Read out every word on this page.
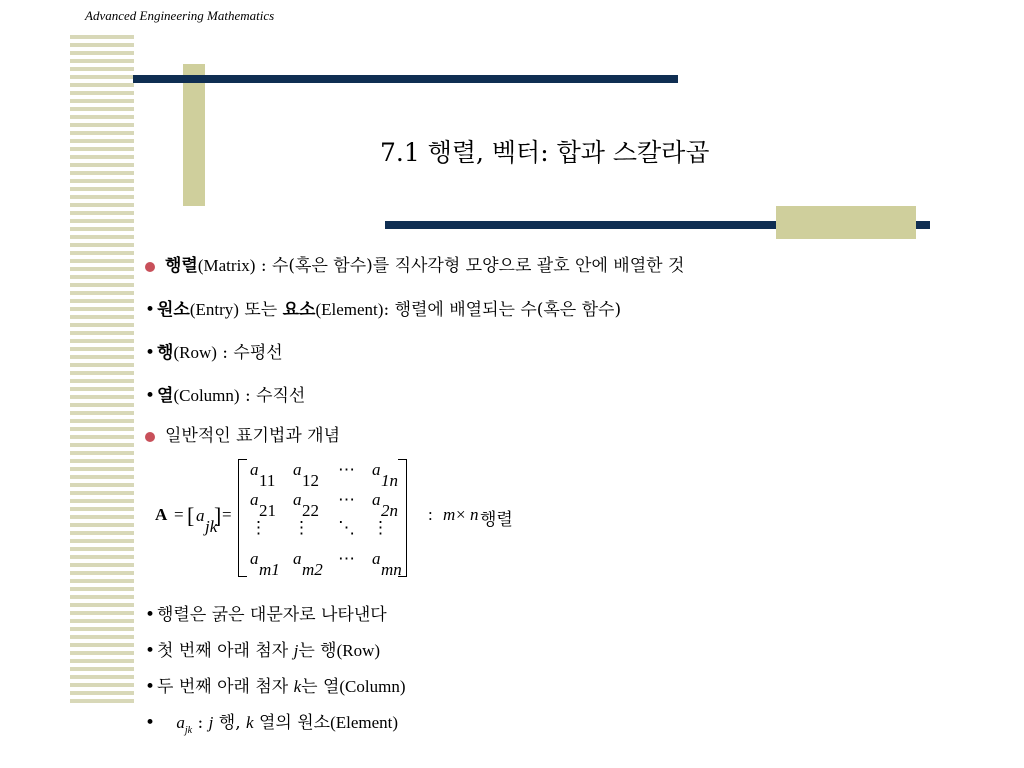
Advanced Engineering Mathematics
7.1 행렬, 벡터: 합과 스칼라곱
행렬(Matrix) : 수(혹은 함수)를 직사각형 모양으로 괄호 안에 배열한 것
• 원소(Entry) 또는 요소(Element): 행렬에 배열되는 수(혹은 함수)
• 행(Row) : 수평선
• 열(Column) : 수직선
일반적인 표기법과 개념
A = [ a
jk
] =
a
11
a
12
⋯ a
1n
a
21
a
22
⋯ a
2n
⋮ ⋮ ⋱ ⋮
a
m1
a
m2
⋯ a
mn
: m × n 행렬
• 행렬은 굵은 대문자로 나타낸다
• 첫 번째 아래 첨자 j는 행(Row)
• 두 번째 아래 첨자 k는 열(Column)
• $a_{jk}$ : j 행, k 열의 원소(Element)
